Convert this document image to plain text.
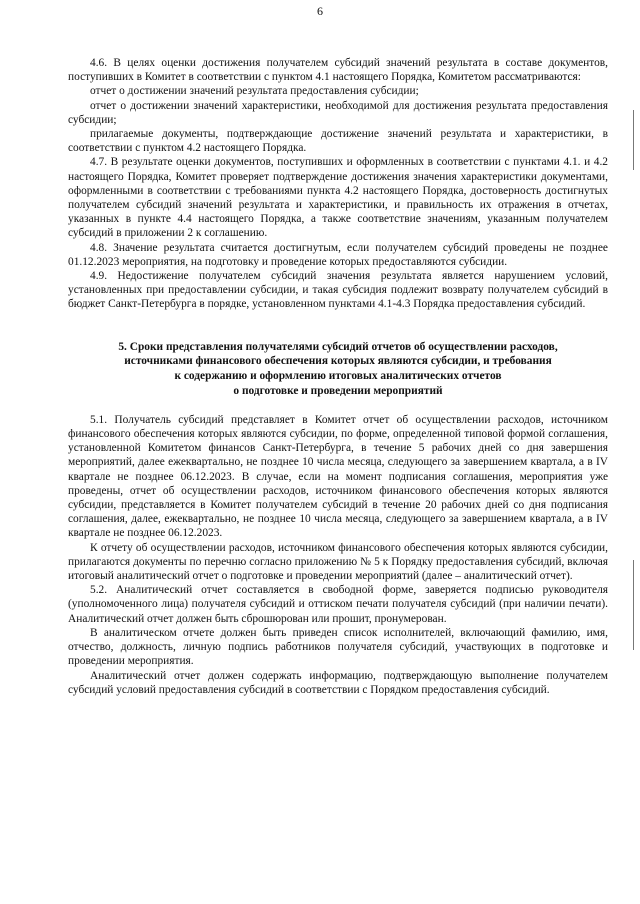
6

4.6. В целях оценки достижения получателем субсидий значений результата в составе документов, поступивших в Комитет в соответствии с пунктом 4.1 настоящего Порядка, Комитетом рассматриваются:

отчет о достижении значений результата предоставления субсидии;

отчет о достижении значений характеристики, необходимой для достижения результата предоставления субсидии;

прилагаемые документы, подтверждающие достижение значений результата и характеристики, в соответствии с пунктом 4.2 настоящего Порядка.

4.7. В результате оценки документов, поступивших и оформленных в соответствии с пунктами 4.1. и 4.2 настоящего Порядка, Комитет проверяет подтверждение достижения значения характеристики документами, оформленными в соответствии с требованиями пункта 4.2 настоящего Порядка, достоверность достигнутых получателем субсидий значений результата и характеристики, и правильность их отражения в отчетах, указанных в пункте 4.4 настоящего Порядка, а также соответствие значениям, указанным получателем субсидий в приложении 2 к соглашению.

4.8. Значение результата считается достигнутым, если получателем субсидий проведены не позднее 01.12.2023 мероприятия, на подготовку и проведение которых предоставляются субсидии.

4.9. Недостижение получателем субсидий значения результата является нарушением условий, установленных при предоставлении субсидии, и такая субсидия подлежит возврату получателем субсидий в бюджет Санкт-Петербурга в порядке, установленном пунктами 4.1-4.3 Порядка предоставления субсидий.

5. Сроки представления получателями субсидий отчетов об осуществлении расходов,
источниками финансового обеспечения которых являются субсидии, и требования
к содержанию и оформлению итоговых аналитических отчетов
о подготовке и проведении мероприятий

5.1. Получатель субсидий представляет в Комитет отчет об осуществлении расходов, источником финансового обеспечения которых являются субсидии, по форме, определенной типовой формой соглашения, установленной Комитетом финансов Санкт-Петербурга, в течение 5 рабочих дней со дня завершения мероприятий, далее ежеквартально, не позднее 10 числа месяца, следующего за завершением квартала, а в IV квартале не позднее 06.12.2023. В случае, если на момент подписания соглашения, мероприятия уже проведены, отчет об осуществлении расходов, источником финансового обеспечения которых являются субсидии, представляется в Комитет получателем субсидий в течение 20 рабочих дней со дня подписания соглашения, далее, ежеквартально, не позднее 10 числа месяца, следующего за завершением квартала, а в IV квартале не позднее 06.12.2023.

К отчету об осуществлении расходов, источником финансового обеспечения которых являются субсидии, прилагаются документы по перечню согласно приложению № 5 к Порядку предоставления субсидий, включая итоговый аналитический отчет о подготовке и проведении мероприятий (далее – аналитический отчет).

5.2. Аналитический отчет составляется в свободной форме, заверяется подписью руководителя (уполномоченного лица) получателя субсидий и оттиском печати получателя субсидий (при наличии печати). Аналитический отчет должен быть сброшюрован или прошит, пронумерован.

В аналитическом отчете должен быть приведен список исполнителей, включающий фамилию, имя, отчество, должность, личную подпись работников получателя субсидий, участвующих в подготовке и проведении мероприятия.

Аналитический отчет должен содержать информацию, подтверждающую выполнение получателем субсидий условий предоставления субсидий в соответствии с Порядком предоставления субсидий.
